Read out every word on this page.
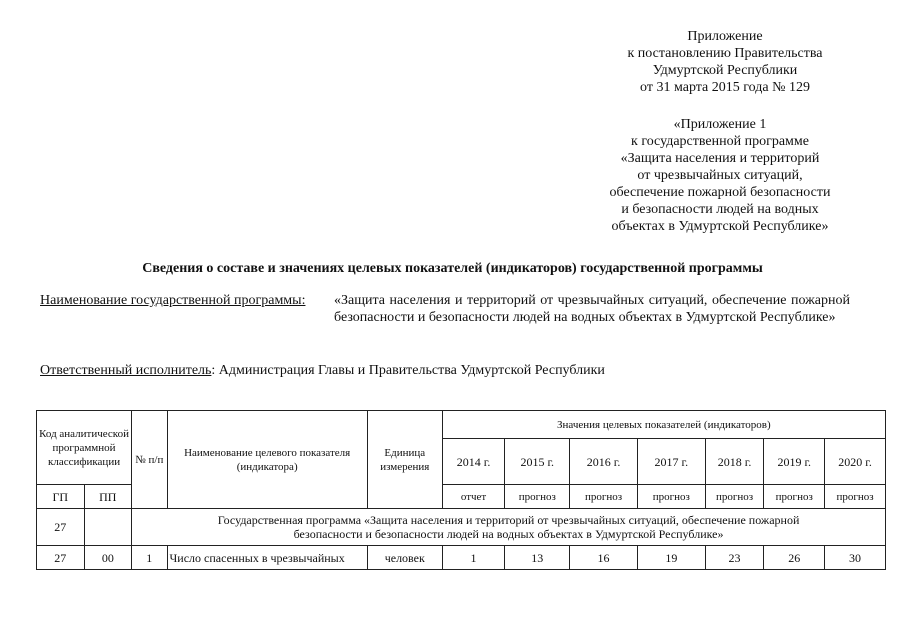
Приложение
к постановлению Правительства
Удмуртской Республики
от 31 марта 2015 года № 129
«Приложение 1
к государственной программе
«Защита населения и территорий
от чрезвычайных ситуаций,
обеспечение пожарной безопасности
и безопасности людей на водных
объектах в Удмуртской Республике»
Сведения о составе и значениях целевых показателей (индикаторов) государственной программы
Наименование государственной программы: «Защита населения и территорий от чрезвычайных ситуаций, обеспечение пожарной безопасности и безопасности людей на водных объектах в Удмуртской Республике»
Ответственный исполнитель: Администрация Главы и Правительства Удмуртской Республики
Код аналитической программной классификации		№ п/п	Наименование целевого показателя (индикатора)	Единица измерения	Значения целевых показателей (индикаторов)						
					2014 г.	2015 г.	2016 г.	2017 г.	2018 г.	2019 г.	2020 г.
ГП	ПП				отчет	прогноз	прогноз	прогноз	прогноз	прогноз	прогноз
27		Государственная программа «Защита населения и территорий от чрезвычайных ситуаций, обеспечение пожарной безопасности и безопасности людей на водных объектах в Удмуртской Республике»									
27	00	1	Число спасенных в чрезвычайных	человек	1	13	16	19	23	26	30
